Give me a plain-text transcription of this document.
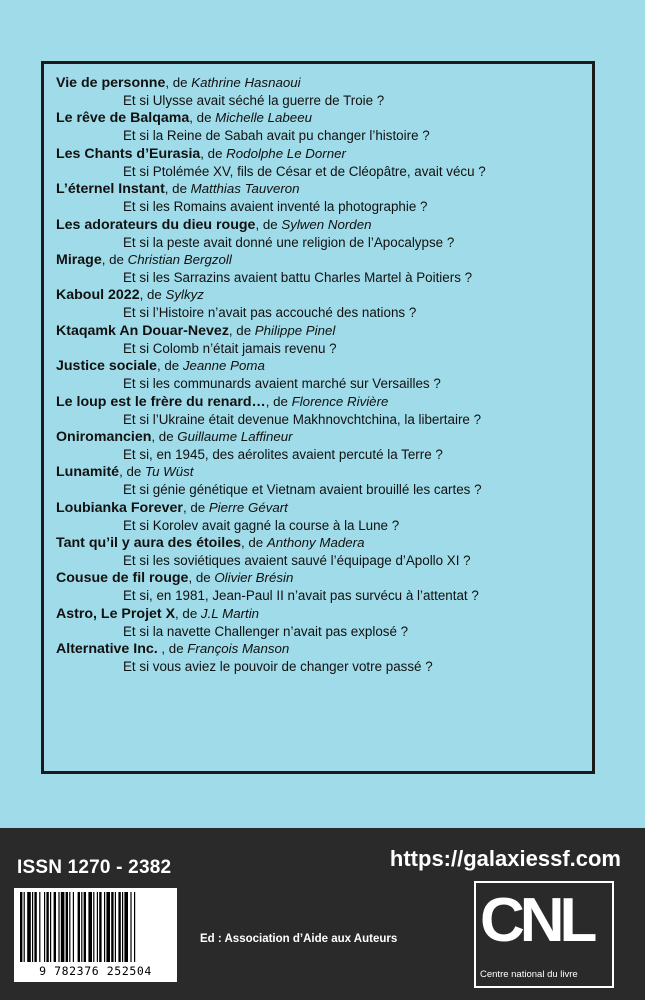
Vie de personne, de Kathrine Hasnaoui
Et si Ulysse avait séché la guerre de Troie ?
Le rêve de Balqama, de Michelle Labeeu
Et si la Reine de Sabah avait pu changer l’histoire ?
Les Chants d’Eurasia, de Rodolphe Le Dorner
Et si Ptolémée XV, fils de César et de Cléopâtre, avait vécu ?
L’éternel Instant, de Matthias Tauveron
Et si les Romains avaient inventé la photographie ?
Les adorateurs du dieu rouge, de Sylwen Norden
Et si la peste avait donné une religion de l’Apocalypse ?
Mirage, de Christian Bergzoll
Et si les Sarrazins avaient battu Charles Martel à Poitiers ?
Kaboul 2022, de Sylkyz
Et si l’Histoire n’avait pas accouché des nations ?
Ktaqamk An Douar-Nevez, de Philippe Pinel
Et si Colomb n’était jamais revenu ?
Justice sociale, de Jeanne Poma
Et si les communards avaient marché sur Versailles ?
Le loup est le frère du renard…, de Florence Rivière
Et si l’Ukraine était devenue Makhnovchtchina, la libertaire ?
Oniromancien, de Guillaume Laffineur
Et si, en 1945, des aérolites avaient percuté la Terre ?
Lunamité, de Tu Wüst
Et si génie génétique et Vietnam avaient brouillé les cartes ?
Loubianka Forever, de Pierre Gévart
Et si Korolev avait gagné la course à la Lune ?
Tant qu’il y aura des étoiles, de Anthony Madera
Et si les soviétiques avaient sauvé l’équipage d’Apollo XI ?
Cousue de fil rouge, de Olivier Brésin
Et si, en 1981, Jean-Paul II n’avait pas survécu à l’attentat ?
Astro, Le Projet X, de J.L Martin
Et si la navette Challenger n’avait pas explosé ?
Alternative Inc. , de François Manson
Et si vous aviez le pouvoir de changer votre passé ?
ISSN 1270 - 2382	https://galaxiessf.com
9 782376 252504
Ed : Association d’Aide aux Auteurs CNL
Centre national du livre
